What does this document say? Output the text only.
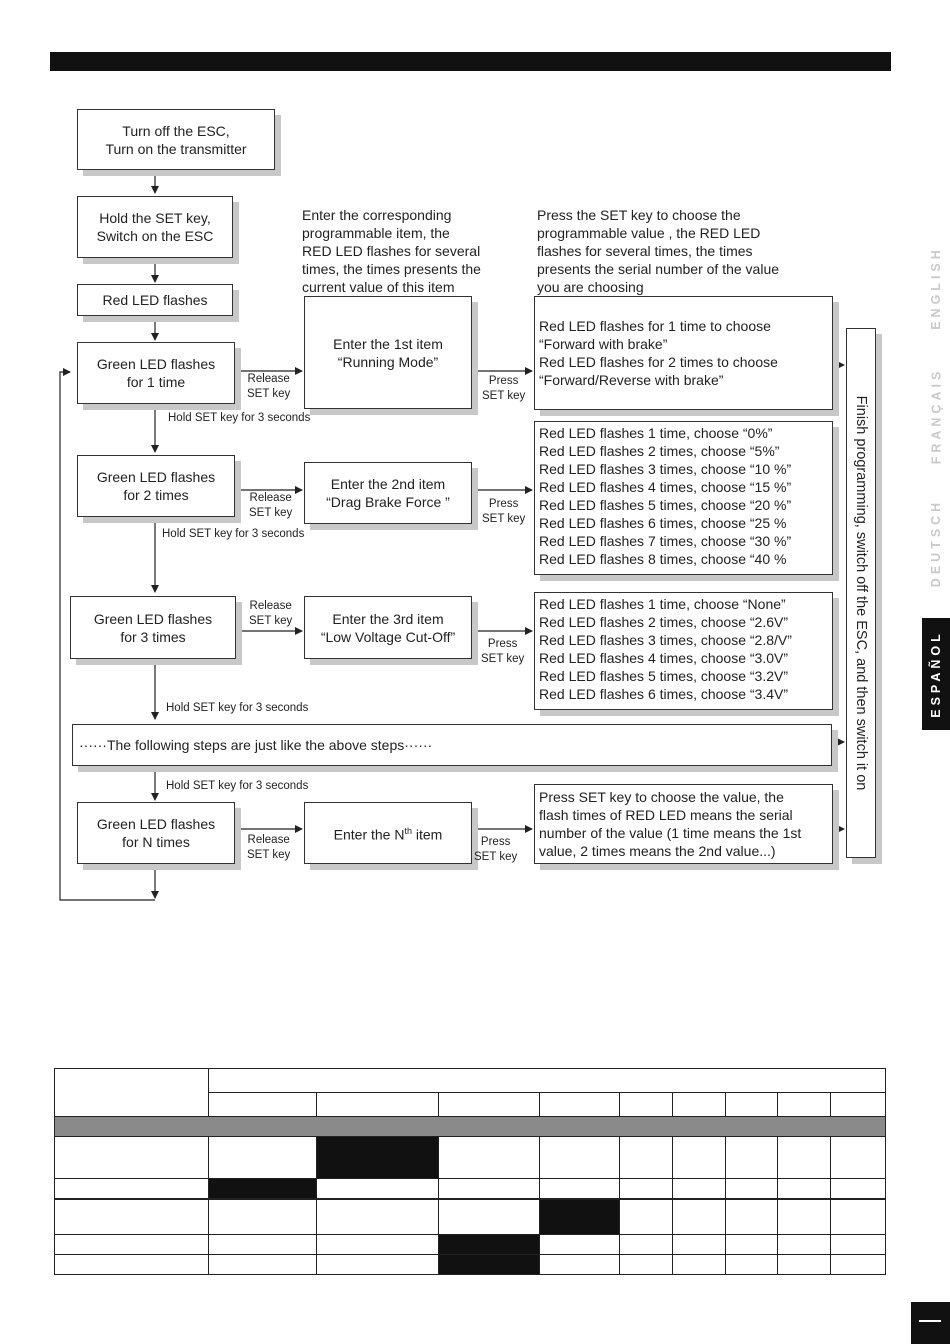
Turn off the ESC,
Turn on the transmitter
Hold the SET key,
Switch on the ESC
Red LED flashes
Green LED flashes
for 1 time
Green LED flashes
for 2 times
Green LED flashes
for 3 times
Green LED flashes
for N times
Enter the corresponding
programmable item, the
RED LED flashes for several
times, the times presents the
current value of this item
Press the SET key to choose the
programmable value , the RED LED
flashes for several times, the times
presents the serial number of the value
you are choosing
Enter the 1st item
“Running Mode”
Enter the 2nd item
“Drag Brake Force ”
Enter the 3rd item
“Low Voltage Cut-Off”
Enter the $N^{th}$ item
Release
SET key
Release
SET key
Release
SET key
Release
SET key
Press
SET key
Press
SET key
Press
SET key
Press
SET key
Hold SET key for 3 seconds
Hold SET key for 3 seconds
Hold SET key for 3 seconds
Hold SET key for 3 seconds
Red LED flashes for 1 time to choose
“Forward with brake”
Red LED flashes for 2 times to choose
“Forward/Reverse with brake”
Red LED flashes 1 time, choose “0%”
Red LED flashes 2 times, choose “5%”
Red LED flashes 3 times, choose “10 %”
Red LED flashes 4 times, choose “15 %”
Red LED flashes 5 times, choose “20 %”
Red LED flashes 6 times, choose “25 %
Red LED flashes 7 times, choose “30 %”
Red LED flashes 8 times, choose “40 %
Red LED flashes 1 time, choose “None”
Red LED flashes 2 times, choose “2.6V”
Red LED flashes 3 times, choose “2.8/V”
Red LED flashes 4 times, choose “3.0V”
Red LED flashes 5 times, choose “3.2V”
Red LED flashes 6 times, choose “3.4V”
Press SET key to choose the value, the
flash times of RED LED means the serial
number of the value (1 time means the 1st
value, 2 times means the 2nd value...)
······The following steps are just like the above steps······	Finish programming, switch off the ESC, and then switch it on
ENGLISH
FRANÇAIS
DEUTSCH
ESPAÑOL
